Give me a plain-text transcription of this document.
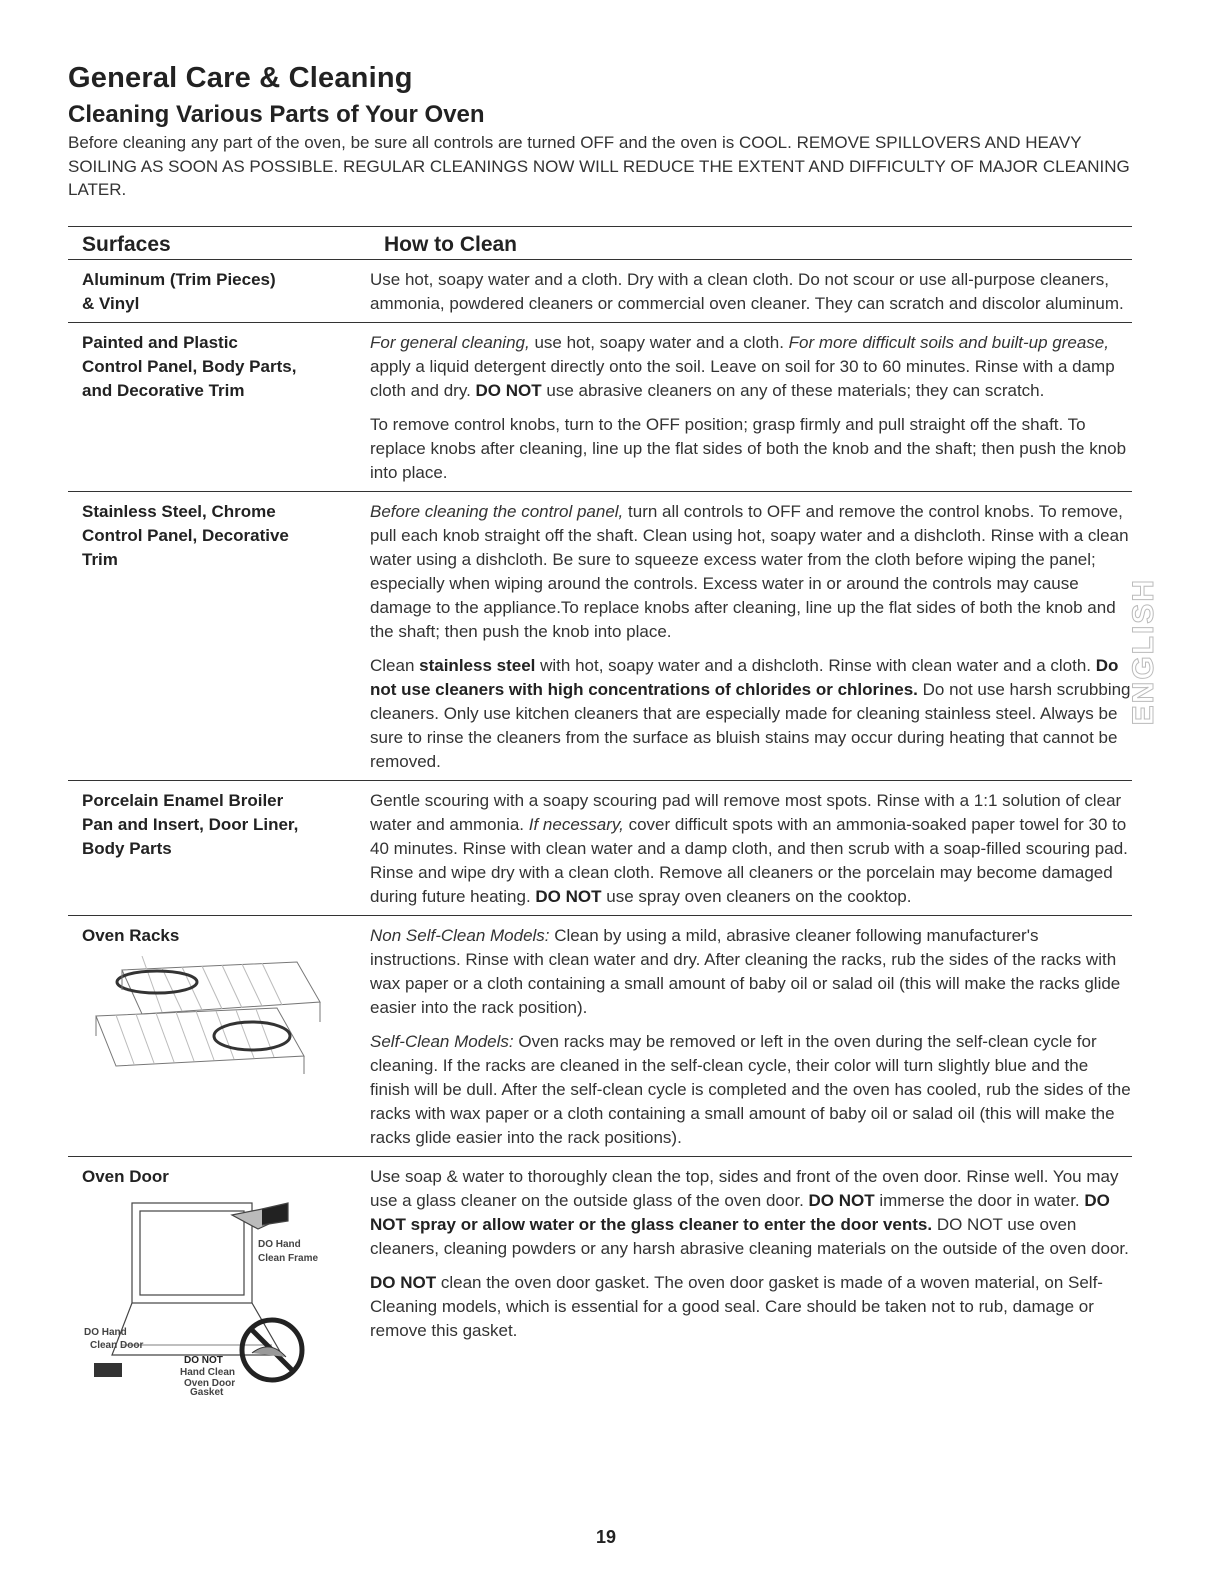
General Care & Cleaning
Cleaning Various Parts of Your Oven

Before cleaning any part of the oven, be sure all controls are turned OFF and the oven is COOL. REMOVE SPILLOVERS AND HEAVY SOILING AS SOON AS POSSIBLE. REGULAR CLEANINGS NOW WILL REDUCE THE EXTENT AND DIFFICULTY OF MAJOR CLEANING LATER.

Surfaces	How to Clean
Aluminum (Trim Pieces)
& Vinyl

Use hot, soapy water and a cloth. Dry with a clean cloth. Do not scour or use all-purpose cleaners, ammonia, powdered cleaners or commercial oven cleaner. They can scratch and discolor aluminum.

Painted and Plastic
Control Panel, Body Parts,
and Decorative Trim

For general cleaning, use hot, soapy water and a cloth. For more difficult soils and built-up grease, apply a liquid detergent directly onto the soil. Leave on soil for 30 to 60 minutes. Rinse with a damp cloth and dry. DO NOT use abrasive cleaners on any of these materials; they can scratch.

To remove control knobs, turn to the OFF position; grasp firmly and pull straight off the shaft. To replace knobs after cleaning, line up the flat sides of both the knob and the shaft; then push the knob into place.

Stainless Steel, Chrome
Control Panel, Decorative
Trim

Before cleaning the control panel, turn all controls to OFF and remove the control knobs. To remove, pull each knob straight off the shaft. Clean using hot, soapy water and a dishcloth. Rinse with a clean water using a dishcloth. Be sure to squeeze excess water from the cloth before wiping the panel; especially when wiping around the controls. Excess water in or around the controls may cause damage to the appliance.To replace knobs after cleaning, line up the flat sides of both the knob and the shaft; then push the knob into place.

Clean stainless steel with hot, soapy water and a dishcloth. Rinse with clean water and a cloth. Do not use cleaners with high concentrations of chlorides or chlorines. Do not use harsh scrubbing cleaners. Only use kitchen cleaners that are especially made for cleaning stainless steel. Always be sure to rinse the cleaners from the surface as bluish stains may occur during heating that cannot be removed.

Porcelain Enamel Broiler
Pan and Insert, Door Liner,
Body Parts

Gentle scouring with a soapy scouring pad will remove most spots. Rinse with a 1:1 solution of clear water and ammonia. If necessary, cover difficult spots with an ammonia-soaked paper towel for 30 to 40 minutes. Rinse with clean water and a damp cloth, and then scrub with a soap-filled scouring pad. Rinse and wipe dry with a clean cloth. Remove all cleaners or the porcelain may become damaged during future heating. DO NOT use spray oven cleaners on the cooktop.

Oven Racks	Non Self-Clean Models: Clean by using a mild, abrasive cleaner following manufacturer's instructions. Rinse with clean water and dry. After cleaning the racks, rub the sides of the racks with wax paper or a cloth containing a small amount of baby oil or salad oil (this will make the racks glide easier into the rack position).

Self-Clean Models: Oven racks may be removed or left in the oven during the self-clean cycle for cleaning. If the racks are cleaned in the self-clean cycle, their color will turn slightly blue and the finish will be dull. After the self-clean cycle is completed and the oven has cooled, rub the sides of the racks with wax paper or a cloth containing a small amount of baby oil or salad oil (this will make the racks glide easier into the rack positions).

Oven Door
DO Hand
Clean Frame
DO Hand
Clean Door
DO NOT
Hand Clean
Oven Door
Gasket

Use soap & water to thoroughly clean the top, sides and front of the oven door. Rinse well. You may use a glass cleaner on the outside glass of the oven door. DO NOT immerse the door in water. DO NOT spray or allow water or the glass cleaner to enter the door vents. DO NOT use oven cleaners, cleaning powders or any harsh abrasive cleaning materials on the outside of the oven door.

DO NOT clean the oven door gasket. The oven door gasket is made of a woven material, on Self-Cleaning models, which is essential for a good seal. Care should be taken not to rub, damage or remove this gasket.

ENGLISH
19
